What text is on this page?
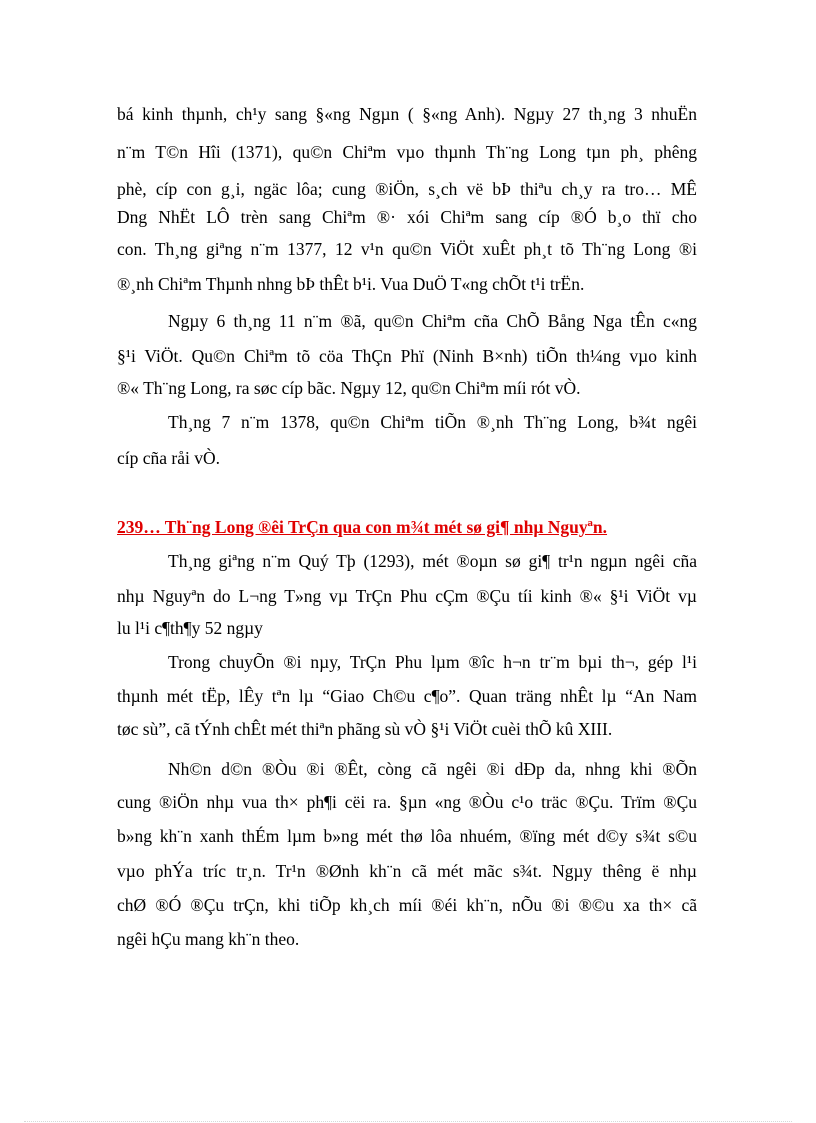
bá kinh thµnh, ch¹y sang §«ng Ngµn ( §«ng Anh). Ngµy 27 th¸ng 3 nhuËn
n¨m T©n Hîi (1371), qu©n Chiªm vµo thµnh Th¨ng Long tµn ph¸ phêng
phè, cíp con g¸i, ngäc lôa; cung ®iÖn, s¸ch vë bÞ thiªu ch¸y ra tro… MÊ
Dng NhËt LÔ trèn sang Chiªm ®· xói Chiªm sang cíp ®Ó b¸o thï cho
con. Th¸ng giªng n¨m 1377, 12 v¹n qu©n ViÖt xuÊt ph¸t tõ Th¨ng Long ®i
®¸nh Chiªm Thµnh nhng bÞ thÊt b¹i. Vua DuÖ T«ng chÕt t¹i trËn.
Ngµy 6 th¸ng 11 n¨m ®ã, qu©n Chiªm cña ChÕ Bång Nga tÊn c«ng
§¹i ViÖt. Qu©n Chiªm tõ cöa ThÇn Phï (Ninh B×nh) tiÕn th¼ng vµo kinh
®« Th¨ng Long, ra søc cíp bãc. Ngµy 12, qu©n Chiªm míi rót vÒ.
Th¸ng 7 n¨m 1378, qu©n Chiªm tiÕn ®¸nh Th¨ng Long, b¾t ngêi
cíp cña råi vÒ.
239… Th¨ng Long ®êi TrÇn qua con m¾t mét sø gi¶ nhµ Nguyªn.
Th¸ng giªng n¨m Quý Tþ (1293), mét ®oµn sø gi¶ tr¹n ngµn ngêi cña
nhµ Nguyªn do L¬ng T»ng vµ TrÇn Phu cÇm ®Çu tíi kinh ®« §¹i ViÖt vµ
lu l¹i c¶th¶y 52 ngµy
Trong chuyÕn ®i nµy, TrÇn Phu lµm ®îc h¬n tr¨m bµi th¬, gép l¹i
thµnh mét tËp, lÊy tªn lµ “Giao Ch©u c¶o”. Quan träng nhÊt lµ “An Nam
tøc sù”, cã tÝnh chÊt mét thiªn phãng sù vÒ §¹i ViÖt cuèi thÕ kû XIII.
Nh©n d©n ®Òu ®i ®Êt, còng cã ngêi ®i dÐp da, nhng khi ®Õn
cung ®iÖn nhµ vua th× ph¶i cëi ra. §µn «ng ®Òu c¹o träc ®Çu. Trïm ®Çu
b»ng kh¨n xanh thÉm lµm b»ng mét thø lôa nhuém, ®ïng mét d©y s¾t s©u
vµo phÝa tríc tr¸n. Tr¹n ®Ønh kh¨n cã mét mãc s¾t. Ngµy thêng ë nhµ
chØ ®Ó ®Çu trÇn, khi tiÕp kh¸ch míi ®éi kh¨n, nÕu ®i ®©u xa th× cã
ngêi hÇu mang kh¨n theo.
